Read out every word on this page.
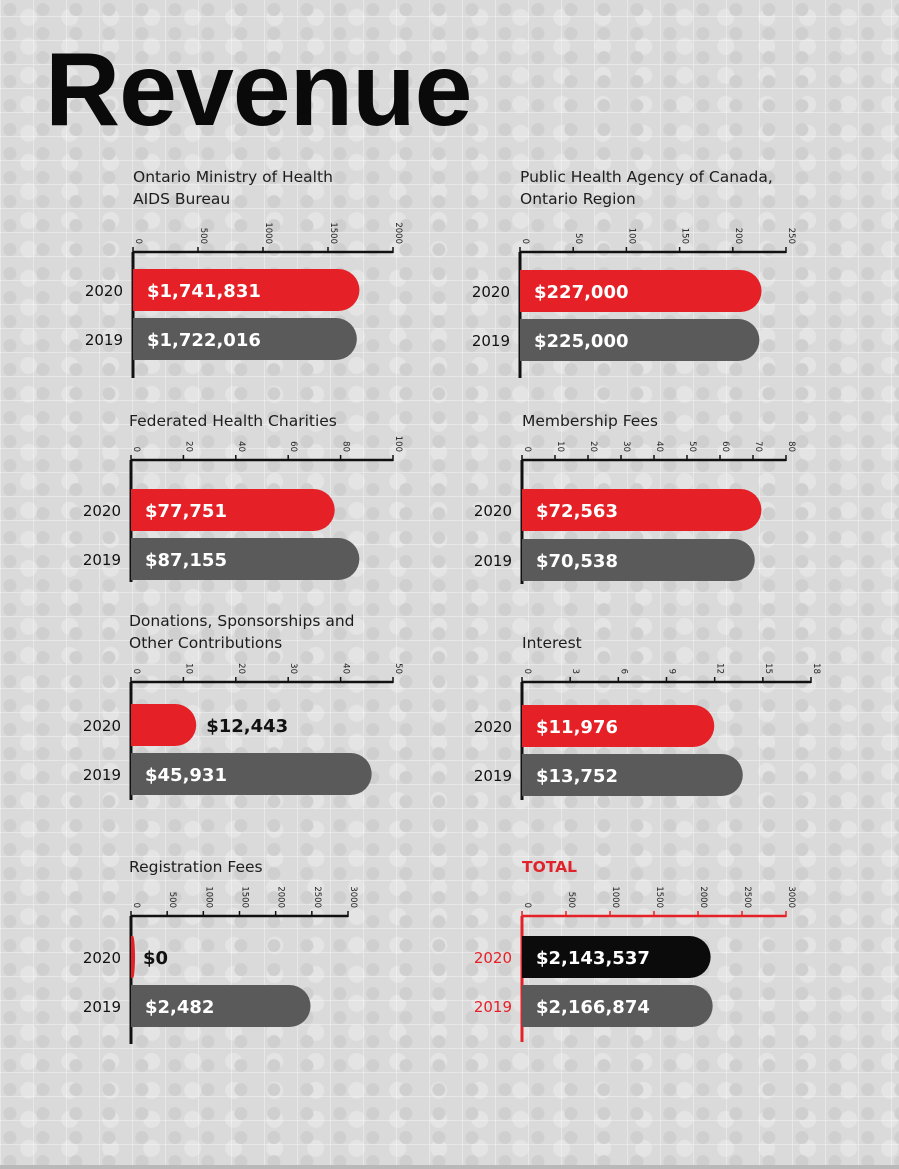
Revenue
Ontario Ministry of Health
AIDS Bureau
0	500	1000	1500	2000
2020 $1,741,831
2019 $1,722,016
Public Health Agency of Canada,
Ontario Region
0	50	100	150	200	250
2020 $227,000
2019 $225,000
Federated Health Charities
0	20	40	60	80	100
2020 $77,751
2019 $87,155
Membership Fees
0	10	20	30	40	50	60	70	80
2020 $72,563
2019 $70,538
Donations, Sponsorships and
Other Contributions
0	10	20	30	40	50
2020	$12,443
2019 $45,931
Interest
0	3	6	9	12	15	18
2020 $11,976
2019 $13,752
Registration Fees
0	500	1000	1500	2000	2500	3000
2020 $0
2019 $2,482
TOTAL
0	500	1000	1500	2000	2500	3000
2020 $2,143,537
2019 $2,166,874
